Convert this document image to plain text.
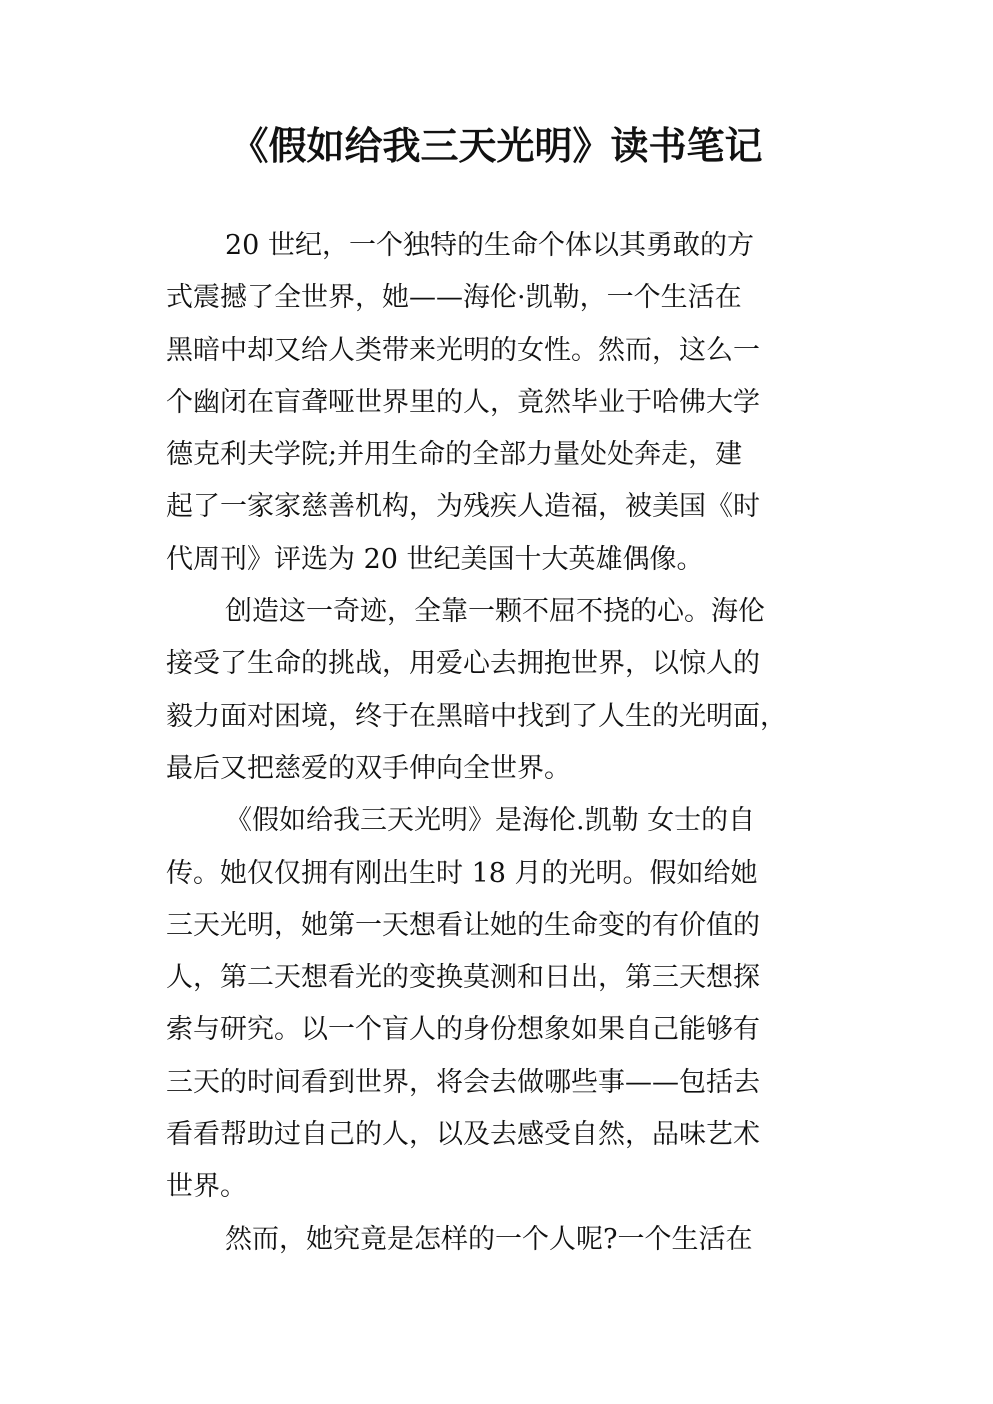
《假如给我三天光明》读书笔记
20 世纪，一个独特的生命个体以其勇敢的方
式震撼了全世界，她——海伦·凯勒，一个生活在
黑暗中却又给人类带来光明的女性。然而，这么一
个幽闭在盲聋哑世界里的人，竟然毕业于哈佛大学
德克利夫学院;并用生命的全部力量处处奔走，建
起了一家家慈善机构，为残疾人造福，被美国《时
代周刊》评选为 20 世纪美国十大英雄偶像。
创造这一奇迹，全靠一颗不屈不挠的心。海伦
接受了生命的挑战，用爱心去拥抱世界，以惊人的
毅力面对困境，终于在黑暗中找到了人生的光明面，
最后又把慈爱的双手伸向全世界。
《假如给我三天光明》是海伦.凯勒 女士的自
传。她仅仅拥有刚出生时 18 月的光明。假如给她
三天光明，她第一天想看让她的生命变的有价值的
人，第二天想看光的变换莫测和日出，第三天想探
索与研究。以一个盲人的身份想象如果自己能够有
三天的时间看到世界，将会去做哪些事——包括去
看看帮助过自己的人，以及去感受自然，品味艺术
世界。
然而，她究竟是怎样的一个人呢?一个生活在
